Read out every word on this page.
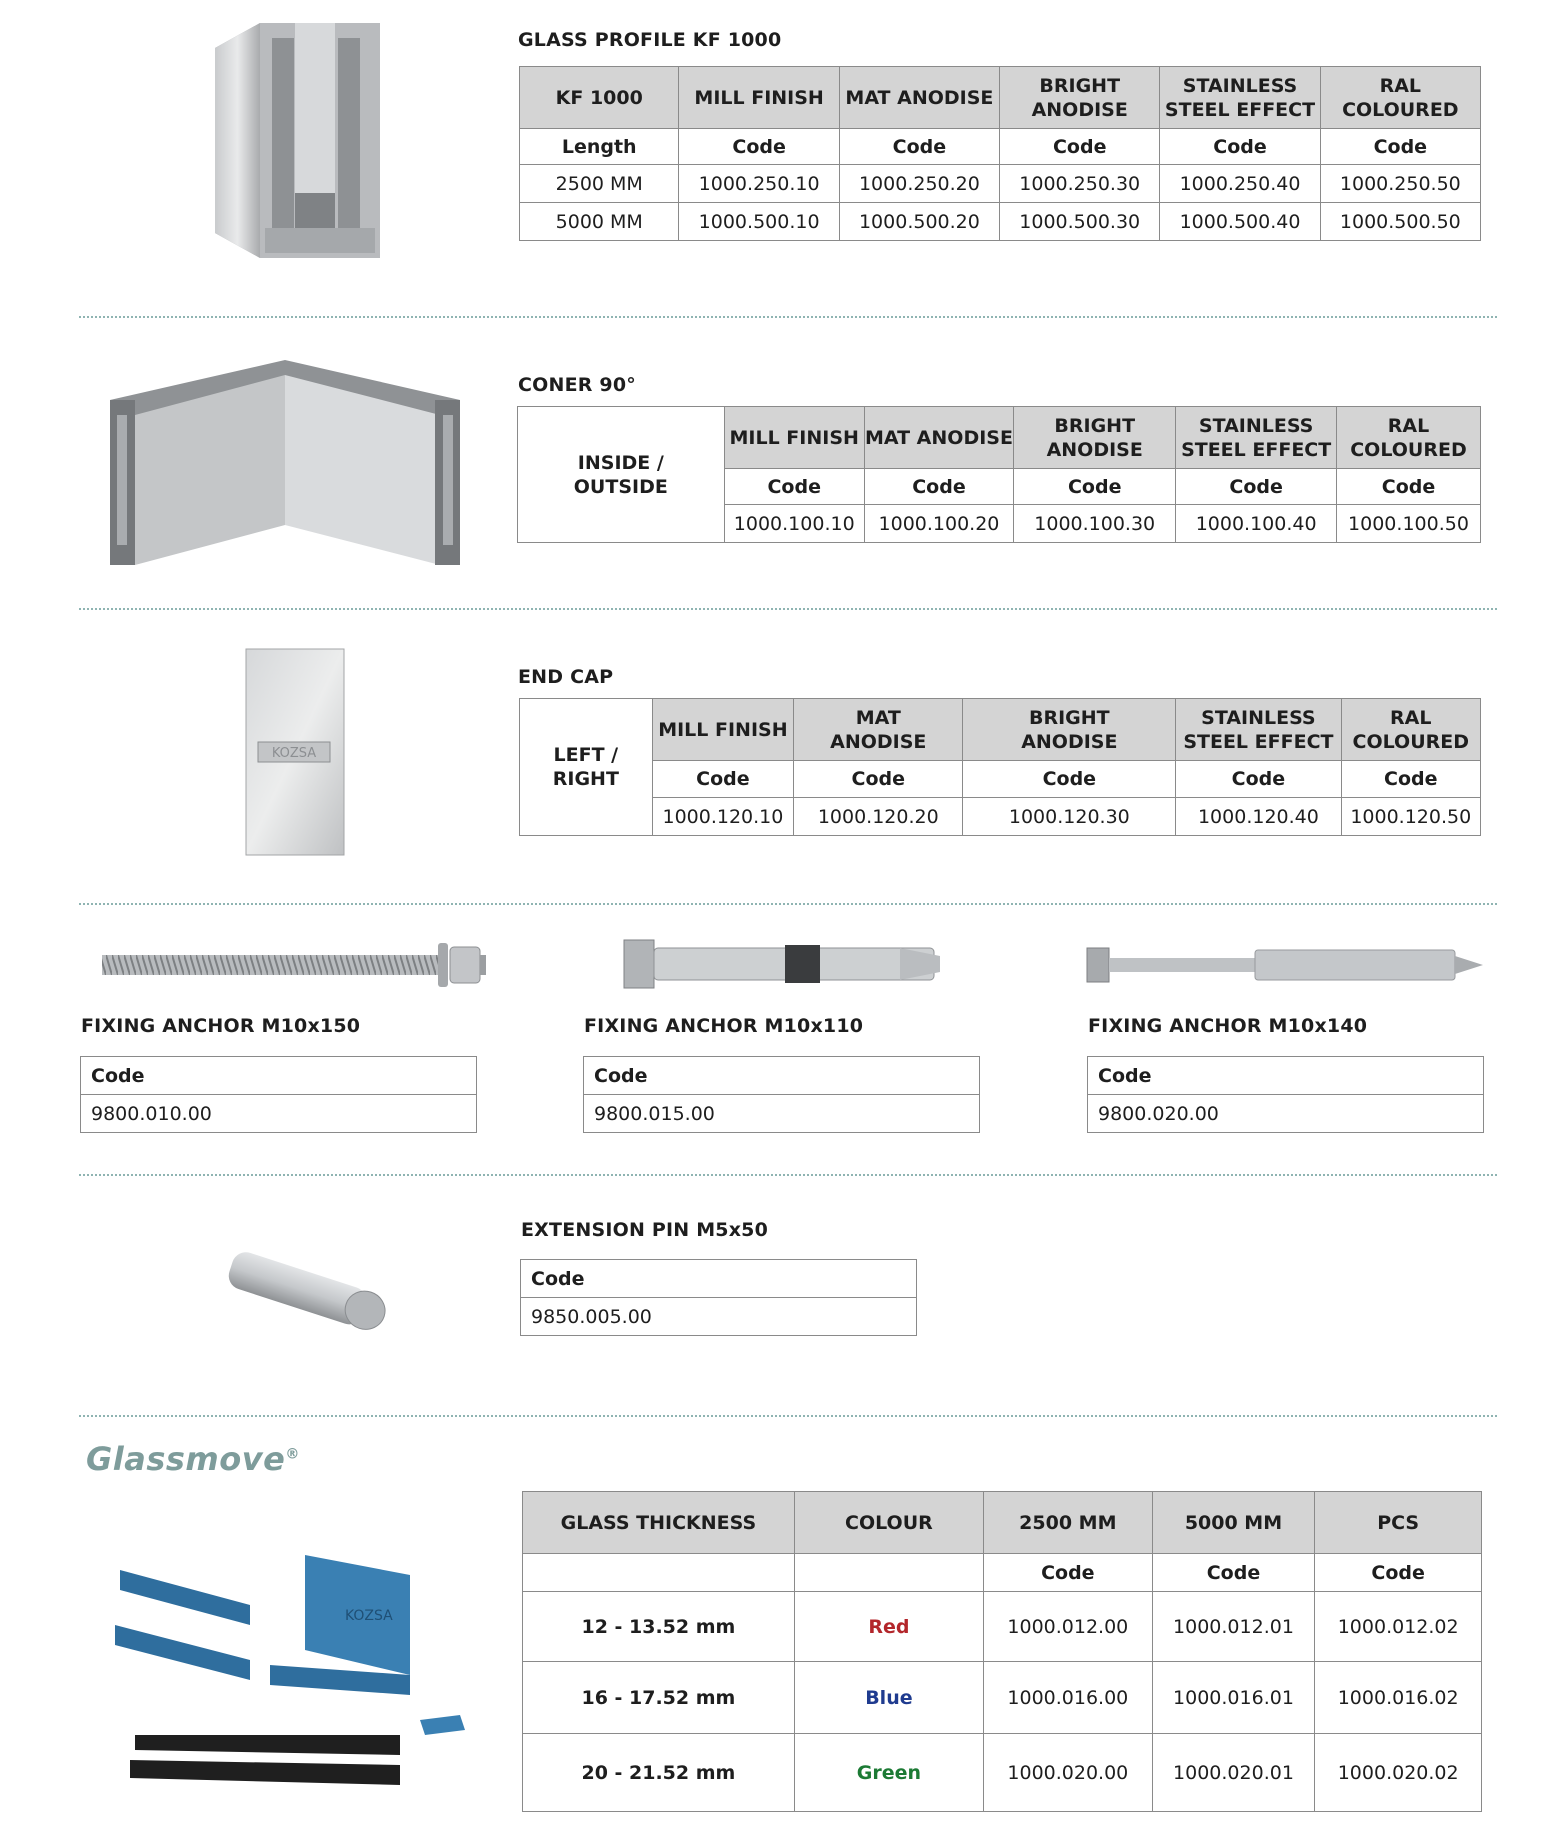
GLASS PROFILE KF 1000
KF 1000	MILL FINISH	MAT ANODISE	BRIGHT ANODISE	STAINLESS STEEL EFFECT	RAL COLOURED
Length	Code	Code	Code	Code	Code
2500 MM	1000.250.10	1000.250.20	1000.250.30	1000.250.40	1000.250.50
5000 MM	1000.500.10	1000.500.20	1000.500.30	1000.500.40	1000.500.50
CONER 90°
INSIDE / OUTSIDE	MILL FINISH	MAT ANODISE	BRIGHT ANODISE	STAINLESS STEEL EFFECT	RAL COLOURED
	Code	Code	Code	Code	Code
	1000.100.10	1000.100.20	1000.100.30	1000.100.40	1000.100.50
KOZSA
END CAP
LEFT / RIGHT	MILL FINISH	MAT ANODISE	BRIGHT ANODISE	STAINLESS STEEL EFFECT	RAL COLOURED
	Code	Code	Code	Code	Code
	1000.120.10	1000.120.20	1000.120.30	1000.120.40	1000.120.50
FIXING ANCHOR M10x150
Code
9800.010.00
FIXING ANCHOR M10x110
Code
9800.015.00
FIXING ANCHOR M10x140
Code
9800.020.00
EXTENSION PIN M5x50
Code
9850.005.00
Glassmove®
KOZSA
GLASS THICKNESS	COLOUR	2500 MM	5000 MM	PCS
		Code	Code	Code
12 - 13.52 mm	Red	1000.012.00	1000.012.01	1000.012.02
16 - 17.52 mm	Blue	1000.016.00	1000.016.01	1000.016.02
20 - 21.52 mm	Green	1000.020.00	1000.020.01	1000.020.02
